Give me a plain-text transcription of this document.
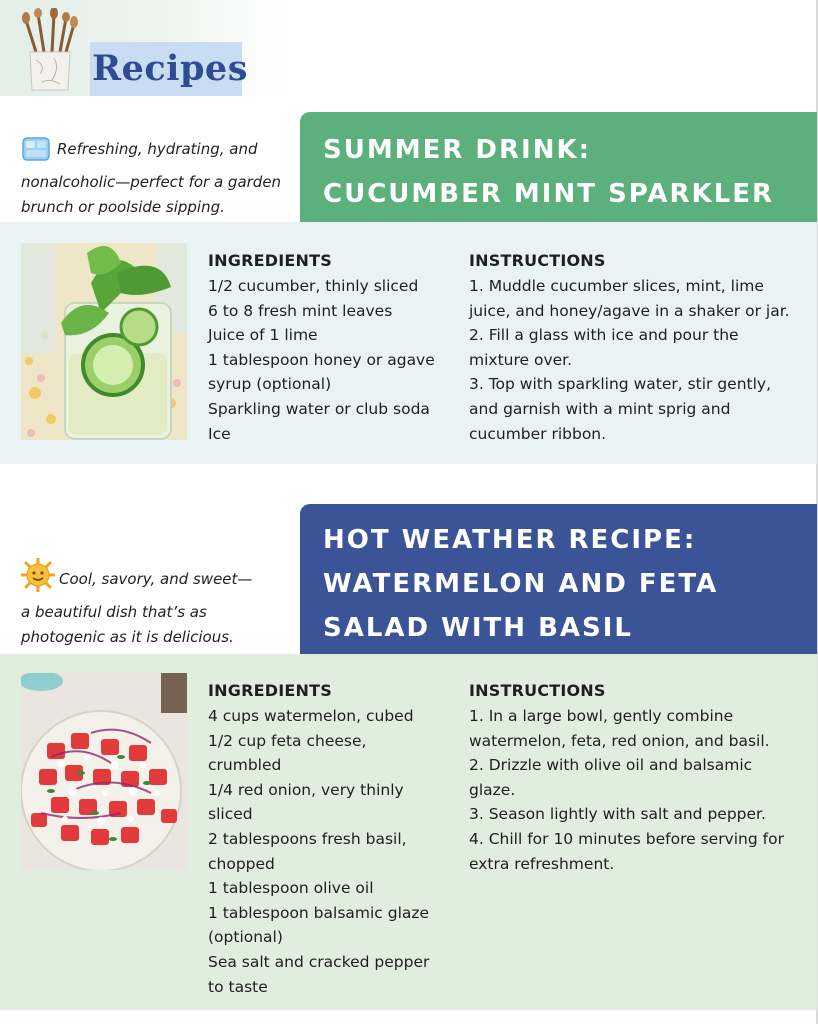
Recipes
Refreshing, hydrating, and
nonalcoholic—perfect for a garden
brunch or poolside sipping.
SUMMER DRINK:
CUCUMBER MINT SPARKLER
INGREDIENTS
1/2 cucumber, thinly sliced
6 to 8 fresh mint leaves
Juice of 1 lime
1 tablespoon honey or agave
syrup (optional)
Sparkling water or club soda
Ice
INSTRUCTIONS
1. Muddle cucumber slices, mint, lime
juice, and honey/agave in a shaker or jar.
2. Fill a glass with ice and pour the
mixture over.
3. Top with sparkling water, stir gently,
and garnish with a mint sprig and
cucumber ribbon.
Cool, savory, and sweet—
a beautiful dish that’s as
photogenic as it is delicious.
HOT WEATHER RECIPE:
WATERMELON AND FETA
SALAD WITH BASIL
INGREDIENTS
4 cups watermelon, cubed
1/2 cup feta cheese,
crumbled
1/4 red onion, very thinly
sliced
2 tablespoons fresh basil,
chopped
1 tablespoon olive oil
1 tablespoon balsamic glaze
(optional)
Sea salt and cracked pepper
to taste
INSTRUCTIONS
1. In a large bowl, gently combine
watermelon, feta, red onion, and basil.
2. Drizzle with olive oil and balsamic
glaze.
3. Season lightly with salt and pepper.
4. Chill for 10 minutes before serving for
extra refreshment.
